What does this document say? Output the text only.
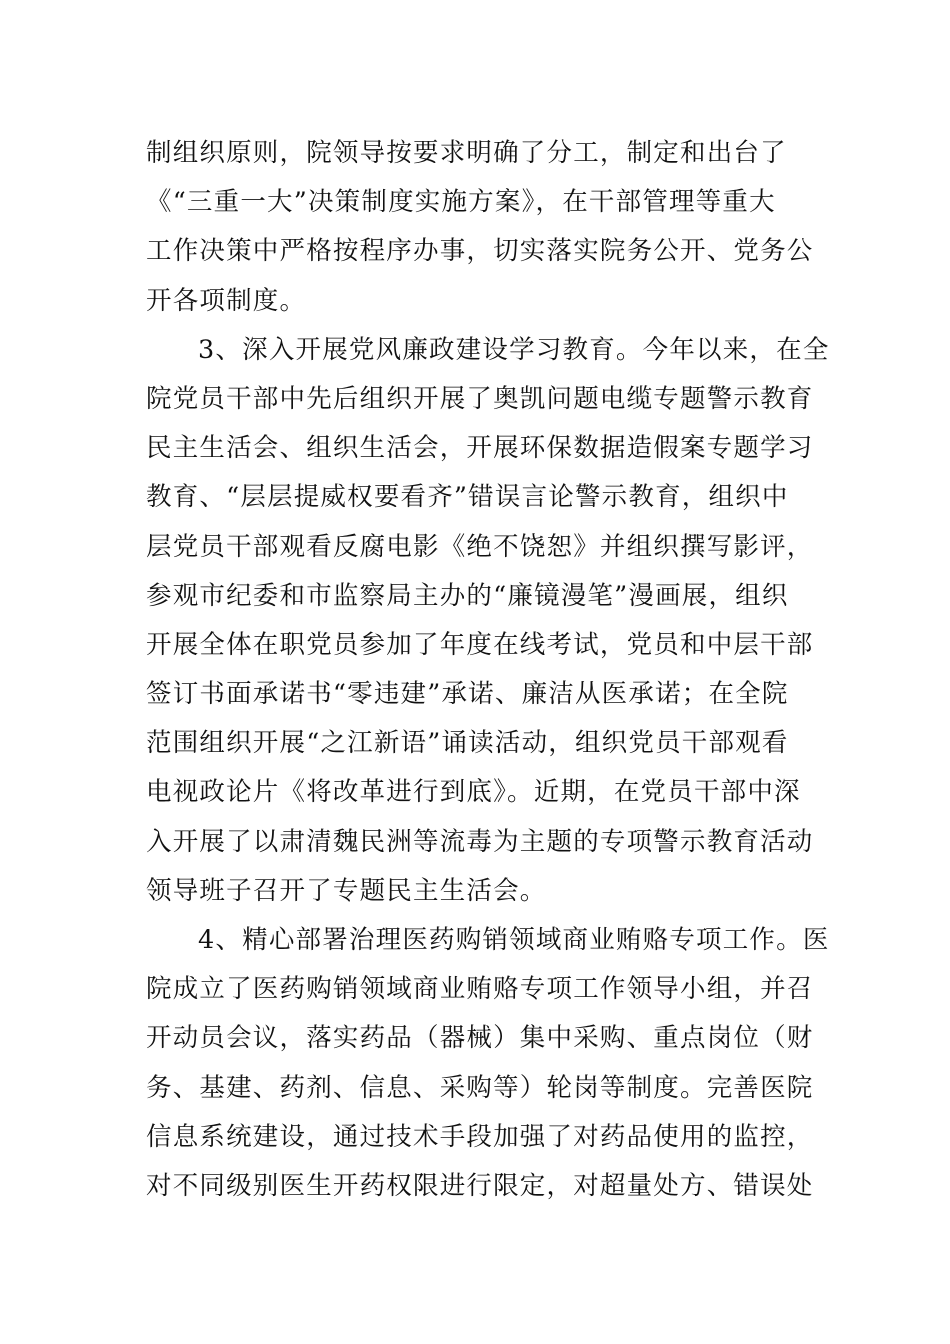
制组织原则，院领导按要求明确了分工，制定和出台了
《“三重一大”决策制度实施方案》，在干部管理等重大
工作决策中严格按程序办事，切实落实院务公开、党务公
开各项制度。
3、深入开展党风廉政建设学习教育。今年以来，在全
院党员干部中先后组织开展了奥凯问题电缆专题警示教育
民主生活会、组织生活会，开展环保数据造假案专题学习
教育、“层层提威权要看齐”错误言论警示教育，组织中
层党员干部观看反腐电影《绝不饶恕》并组织撰写影评，
参观市纪委和市监察局主办的“廉镜漫笔”漫画展，组织
开展全体在职党员参加了年度在线考试，党员和中层干部
签订书面承诺书“零违建”承诺、廉洁从医承诺；在全院
范围组织开展“之江新语”诵读活动，组织党员干部观看
电视政论片《将改革进行到底》。近期，在党员干部中深
入开展了以肃清魏民洲等流毒为主题的专项警示教育活动
领导班子召开了专题民主生活会。
4、精心部署治理医药购销领域商业贿赂专项工作。医
院成立了医药购销领域商业贿赂专项工作领导小组，并召
开动员会议，落实药品（器械）集中采购、重点岗位（财
务、基建、药剂、信息、采购等）轮岗等制度。完善医院
信息系统建设，通过技术手段加强了对药品使用的监控，
对不同级别医生开药权限进行限定，对超量处方、错误处
